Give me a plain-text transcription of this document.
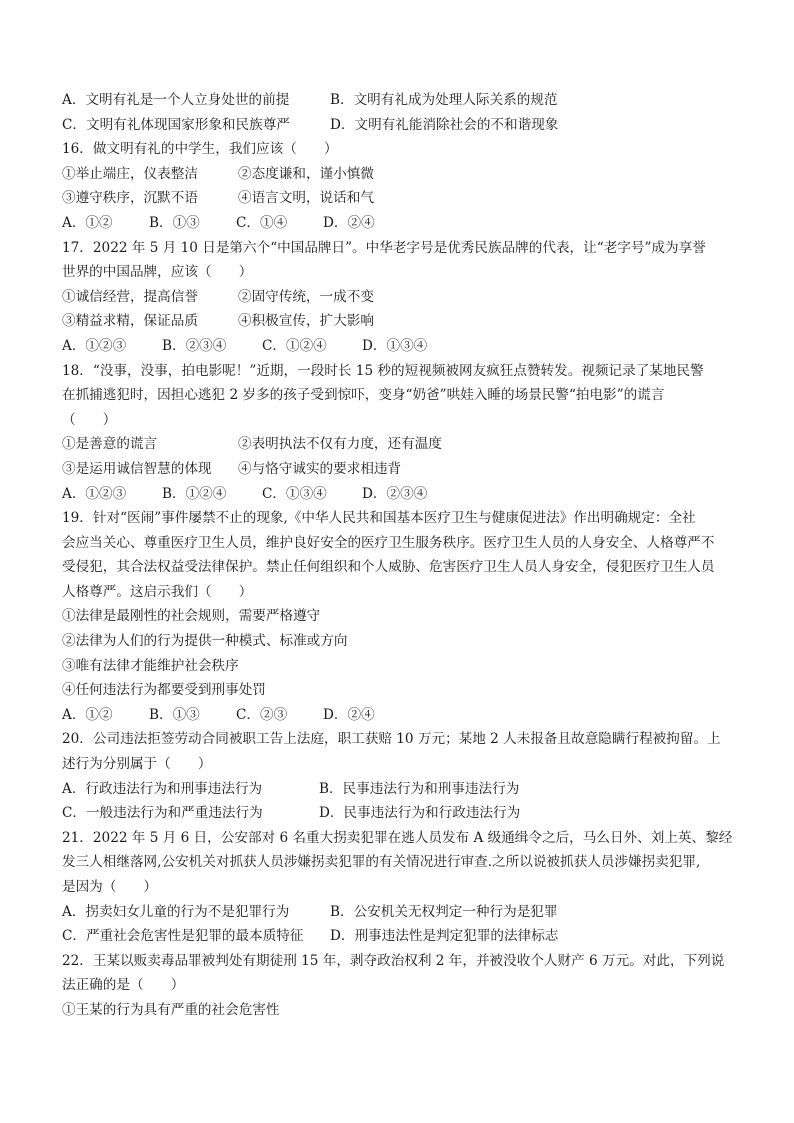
A．文明有礼是一个人立身处世的前提	B．文明有礼成为处理人际关系的规范
C．文明有礼体现国家形象和民族尊严	D．文明有礼能消除社会的不和谐现象
16．做文明有礼的中学生，我们应该（　　）
①举止端庄，仪表整洁	②态度谦和，谨小慎微
③遵守秩序，沉默不语	④语言文明，说话和气
A．①②	B．①③	C．①④	D．②④
17．2022 年 5 月 10 日是第六个“中国品牌日”。中华老字号是优秀民族品牌的代表，让“老字号”成为享誉
世界的中国品牌，应该（　　）
①诚信经营，提高信誉	②固守传统，一成不变
③精益求精，保证品质	④积极宣传，扩大影响
A．①②③	B．②③④	C．①②④	D．①③④
18．“没事，没事，拍电影呢！”近期，一段时长 15 秒的短视频被网友疯狂点赞转发。视频记录了某地民警
在抓捕逃犯时，因担心逃犯 2 岁多的孩子受到惊吓，变身“奶爸”哄娃入睡的场景民警“拍电影”的谎言
（　　）
①是善意的谎言	②表明执法不仅有力度，还有温度
③是运用诚信智慧的体现	④与恪守诚实的要求相违背
A．①②③	B．①②④	C．①③④	D．②③④
19．针对“医闹”事件屡禁不止的现象,《中华人民共和国基本医疗卫生与健康促进法》作出明确规定：全社
会应当关心、尊重医疗卫生人员，维护良好安全的医疗卫生服务秩序。医疗卫生人员的人身安全、人格尊严不
受侵犯，其合法权益受法律保护。禁止任何组织和个人威胁、危害医疗卫生人员人身安全，侵犯医疗卫生人员
人格尊严。这启示我们（　　）
①法律是最刚性的社会规则，需要严格遵守
②法律为人们的行为提供一种模式、标准或方向
③唯有法律才能维护社会秩序
④任何违法行为都要受到刑事处罚
A．①②	B．①③	C．②③	D．②④
20．公司违法拒签劳动合同被职工告上法庭，职工获赔 10 万元；某地 2 人未报备且故意隐瞒行程被拘留。上
述行为分别属于（　　）
A．行政违法行为和刑事违法行为	B．民事违法行为和刑事违法行为
C．一般违法行为和严重违法行为	D．民事违法行为和行政违法行为
21．2022 年 5 月 6 日，公安部对 6 名重大拐卖犯罪在逃人员发布 A 级通缉令之后，马么日外、刘上英、黎经
发三人相继落网,公安机关对抓获人员涉嫌拐卖犯罪的有关情况进行审查.之所以说被抓获人员涉嫌拐卖犯罪,
是因为（　　）
A．拐卖妇女儿童的行为不是犯罪行为	B．公安机关无权判定一种行为是犯罪
C．严重社会危害性是犯罪的最本质特征	D．刑事违法性是判定犯罪的法律标志
22．王某以贩卖毒品罪被判处有期徒刑 15 年，剥夺政治权利 2 年，并被没收个人财产 6 万元。对此，下列说
法正确的是（　　）
①王某的行为具有严重的社会危害性
